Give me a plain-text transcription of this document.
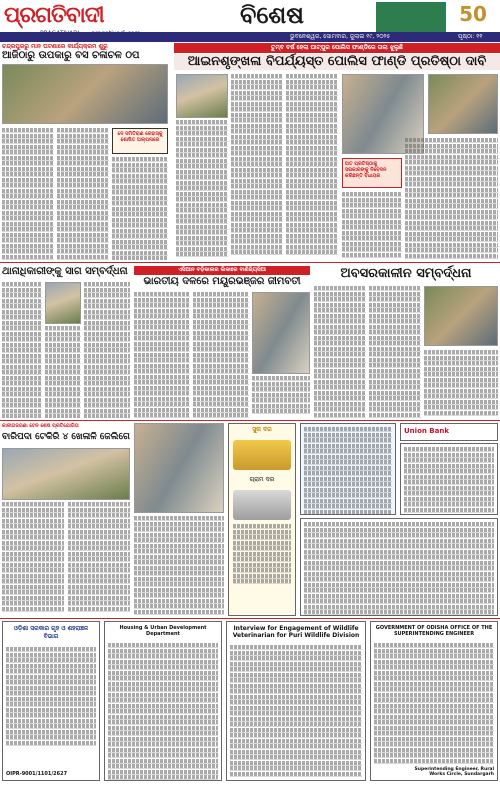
ପ୍ରଗତିବାଦୀ	ବିଶେଷ	50
ଭୁବନେଶ୍ୱର, ସୋମବାର, ଜୁଲାଇ ୧୯, ୨୦୨୫	ପୃଷ୍ଠା: ୧୧
ଚନ୍ଦ୍ରପୁରରୁ ମାନ ଘଟଣାରେ କାର୍ଯ୍ୟକ୍ରମ ଶୁରୁ
ଆଜିଠାରୁ ଉପକାରୁ ବସ ଚଳାଚଳ ଠପ

ଦେ ସମିତିରାଣ ରେହାସ୍କୁ ଶୋଷିତ ଅଲ୍ପନାରେ

ତୁମ୍ବ ବର୍ଷ ହେଲା ଘାଟ୍‌ପୁର ପୋଲିସ ଫାଣ୍ଡିରେ ତାଲା ଝୁଲୁଛି
ଆଇନଶୃଙ୍ଖଳା ବିପର୍ଯ୍ୟସ୍ତ ପୋଲିସ ଫାଣ୍ଡି ପ୍ରତିଷ୍ଠା ଦାବି

ଅତ ପ୍ରତିଷ୍ଠାକୁ ସରକାରଙ୍କୁ ନିବେଦନ କରିଛନ୍ତି ବିଧାୟକ

ଥାନାଧିକାରୀଙ୍କୁ ସାଗ ସମ୍ବର୍ଦ୍ଧନା	ଏସିଆନ ବଡ଼ିକାଲର ଲିକାରେ ବାଣିଜ୍ୟିସିଆ
ଭାରତୀୟ ଦଳରେ ମୟୂରଭଞ୍ଜର ଜୀମବତୀ

ଅବସରକାଳୀନ ସମ୍ବର୍ଦ୍ଧନା

କାଳୀଗଜଗଣା ଟେନ ଶେଷ ପ୍ରତିଯୋଗିତା
ବାରିପଦା ଟେକିରି ୪ ଖେଳାଳି ଜେଲିଗେ

ସୁନା ଦର
ଗ୍ରାମ ଦର

Union Bank

ଓଡ଼ିଶା ସରକାର ଗୃହ ଓ ଶହରାଞ୍ଚଳ ବିଭାଗ

OIPR-9001/1101/2627
Housing & Urban Development Department

Interview for Engagement of Wildlife Veterinarian for Puri Wildlife Division

GOVERNMENT OF ODISHA OFFICE OF THE SUPERINTENDING ENGINEER

Superintending Engineer, Rural Works Circle, Sundargarh
